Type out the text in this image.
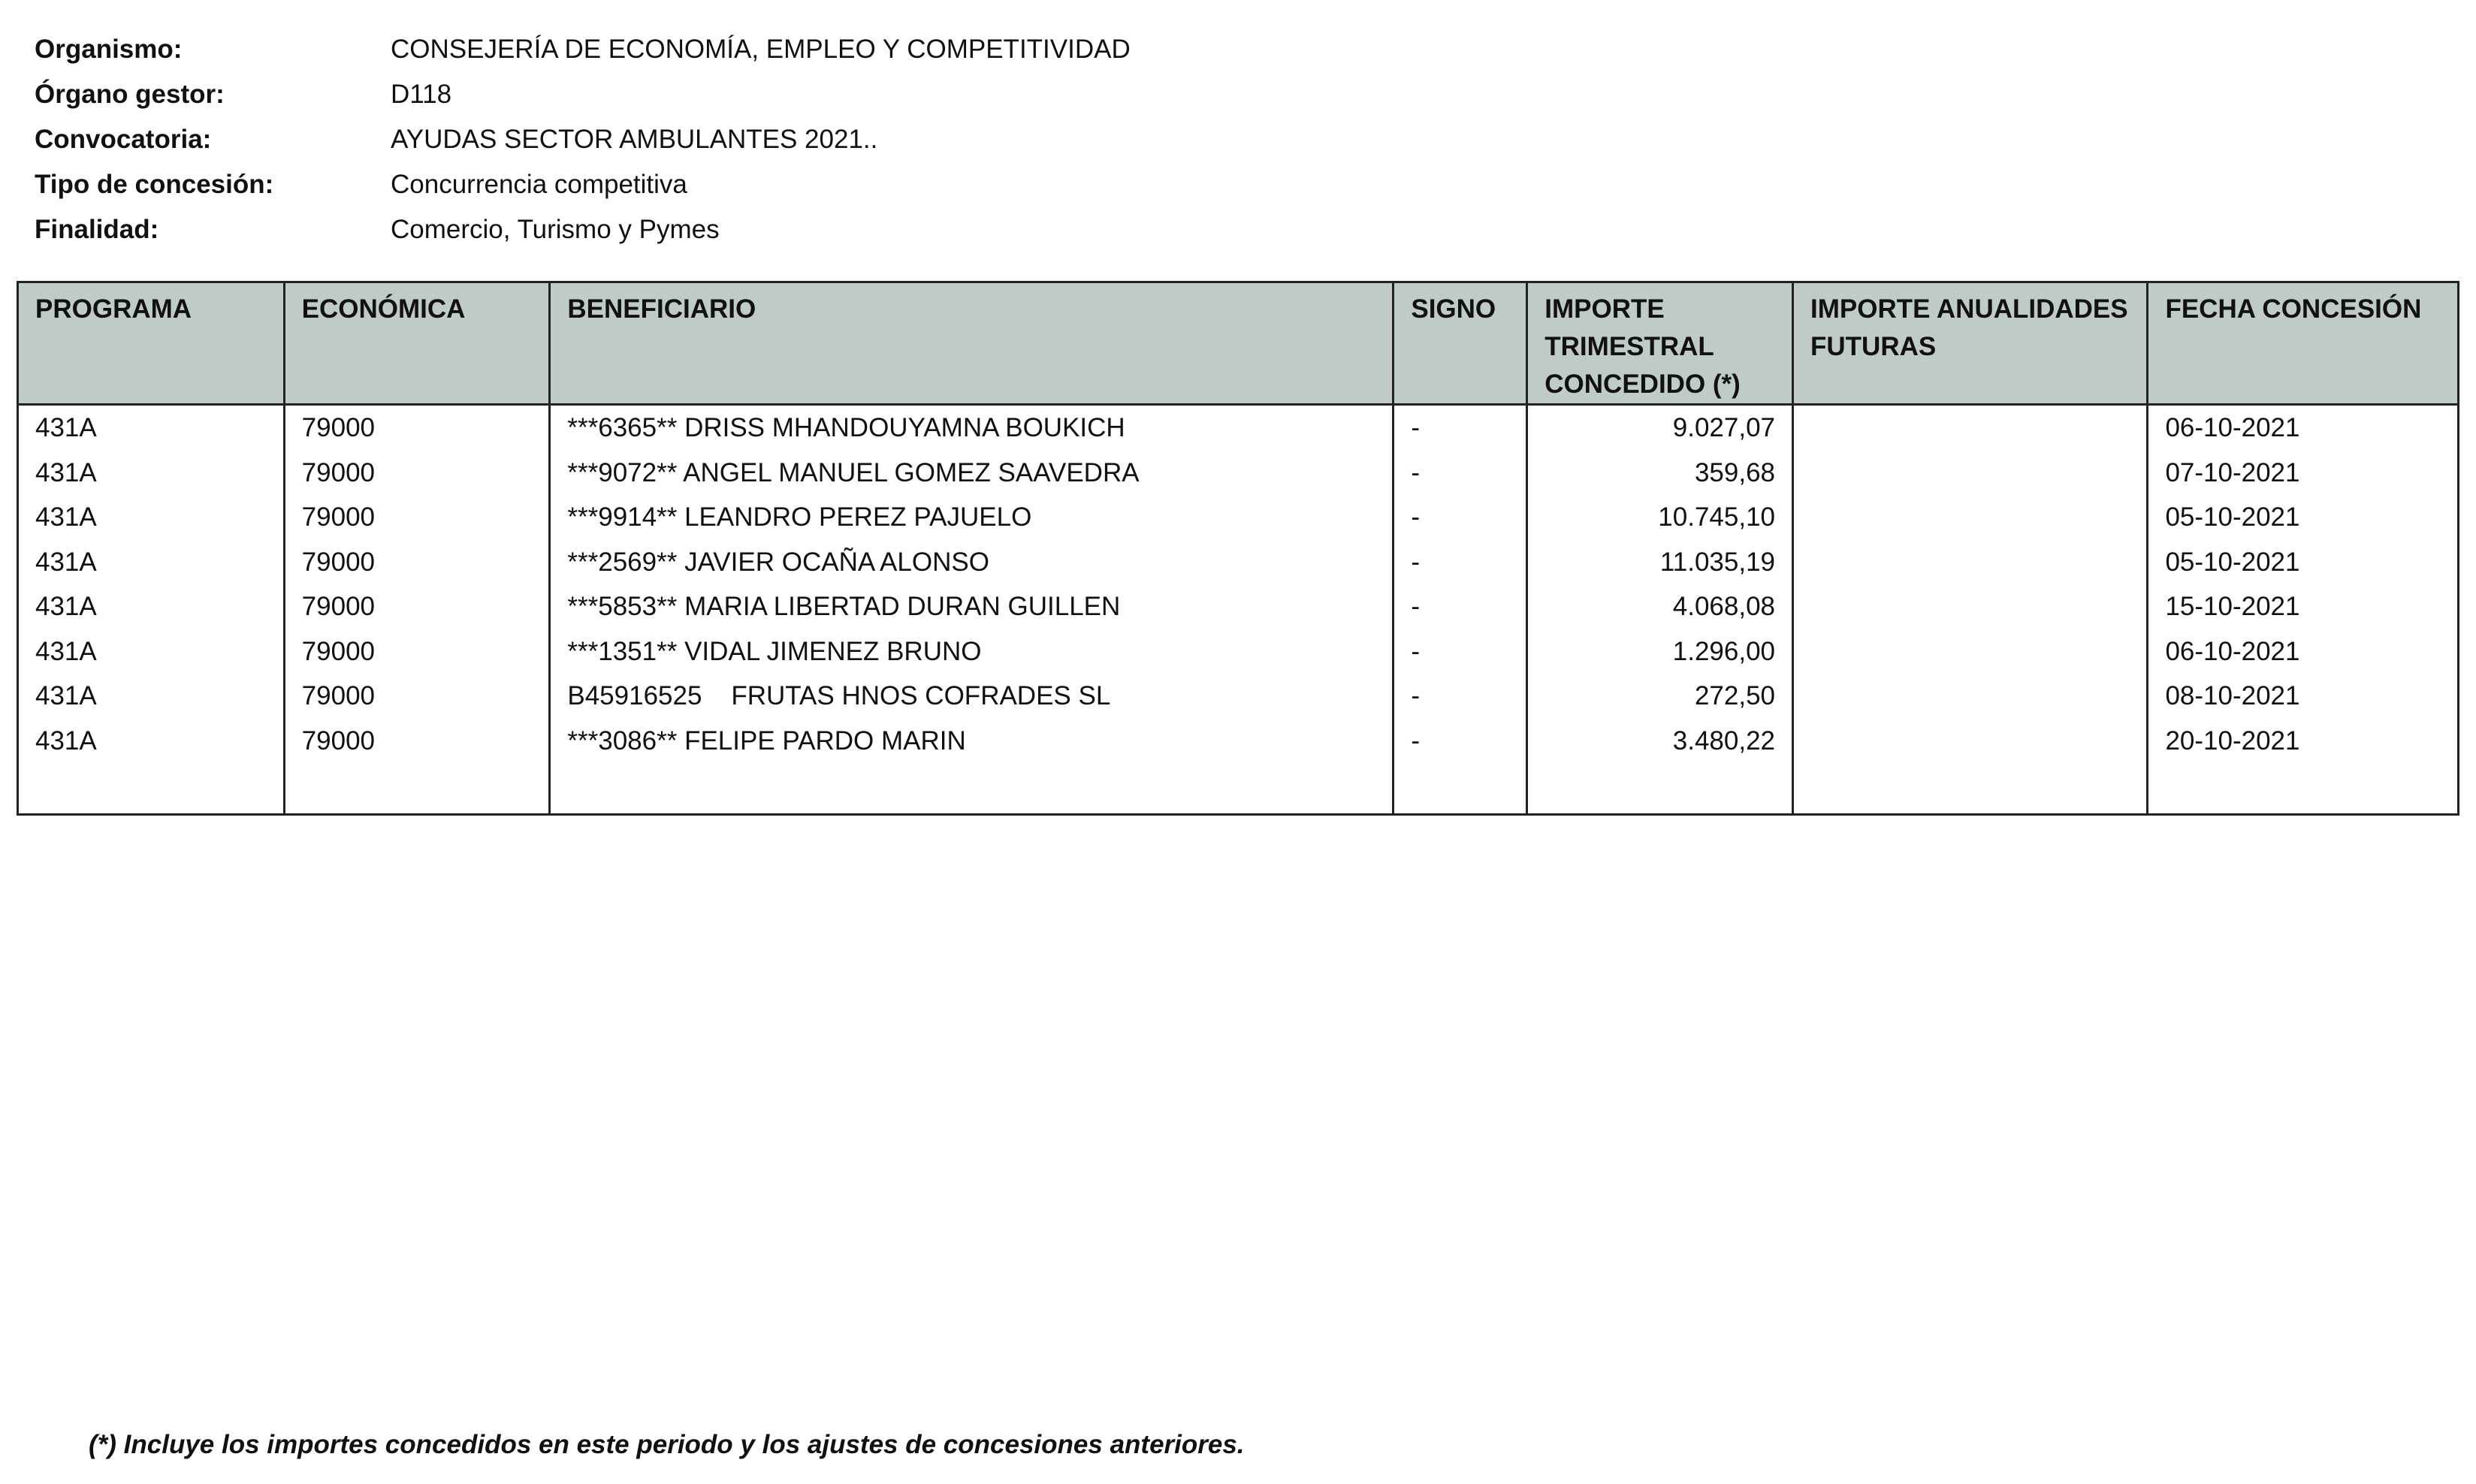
Organismo:	CONSEJERÍA DE ECONOMÍA, EMPLEO Y COMPETITIVIDAD
Órgano gestor:	D118
Convocatoria:	AYUDAS SECTOR AMBULANTES 2021..
Tipo de concesión:	Concurrencia competitiva
Finalidad:	Comercio, Turismo y Pymes
PROGRAMA	ECONÓMICA	BENEFICIARIO	SIGNO	IMPORTE TRIMESTRAL CONCEDIDO (*)	IMPORTE ANUALIDADES FUTURAS	FECHA CONCESIÓN
431A	79000	***6365** DRISS MHANDOUYAMNA BOUKICH	-	9.027,07		06-10-2021
431A	79000	***9072** ANGEL MANUEL GOMEZ SAAVEDRA	-	359,68		07-10-2021
431A	79000	***9914** LEANDRO PEREZ PAJUELO	-	10.745,10		05-10-2021
431A	79000	***2569** JAVIER OCAÑA ALONSO	-	11.035,19		05-10-2021
431A	79000	***5853** MARIA LIBERTAD DURAN GUILLEN	-	4.068,08		15-10-2021
431A	79000	***1351** VIDAL JIMENEZ BRUNO	-	1.296,00		06-10-2021
431A	79000	B45916525    FRUTAS HNOS COFRADES SL	-	272,50		08-10-2021
431A	79000	***3086** FELIPE PARDO MARIN	-	3.480,22		20-10-2021

(*) Incluye los importes concedidos en este periodo y los ajustes de concesiones anteriores.
